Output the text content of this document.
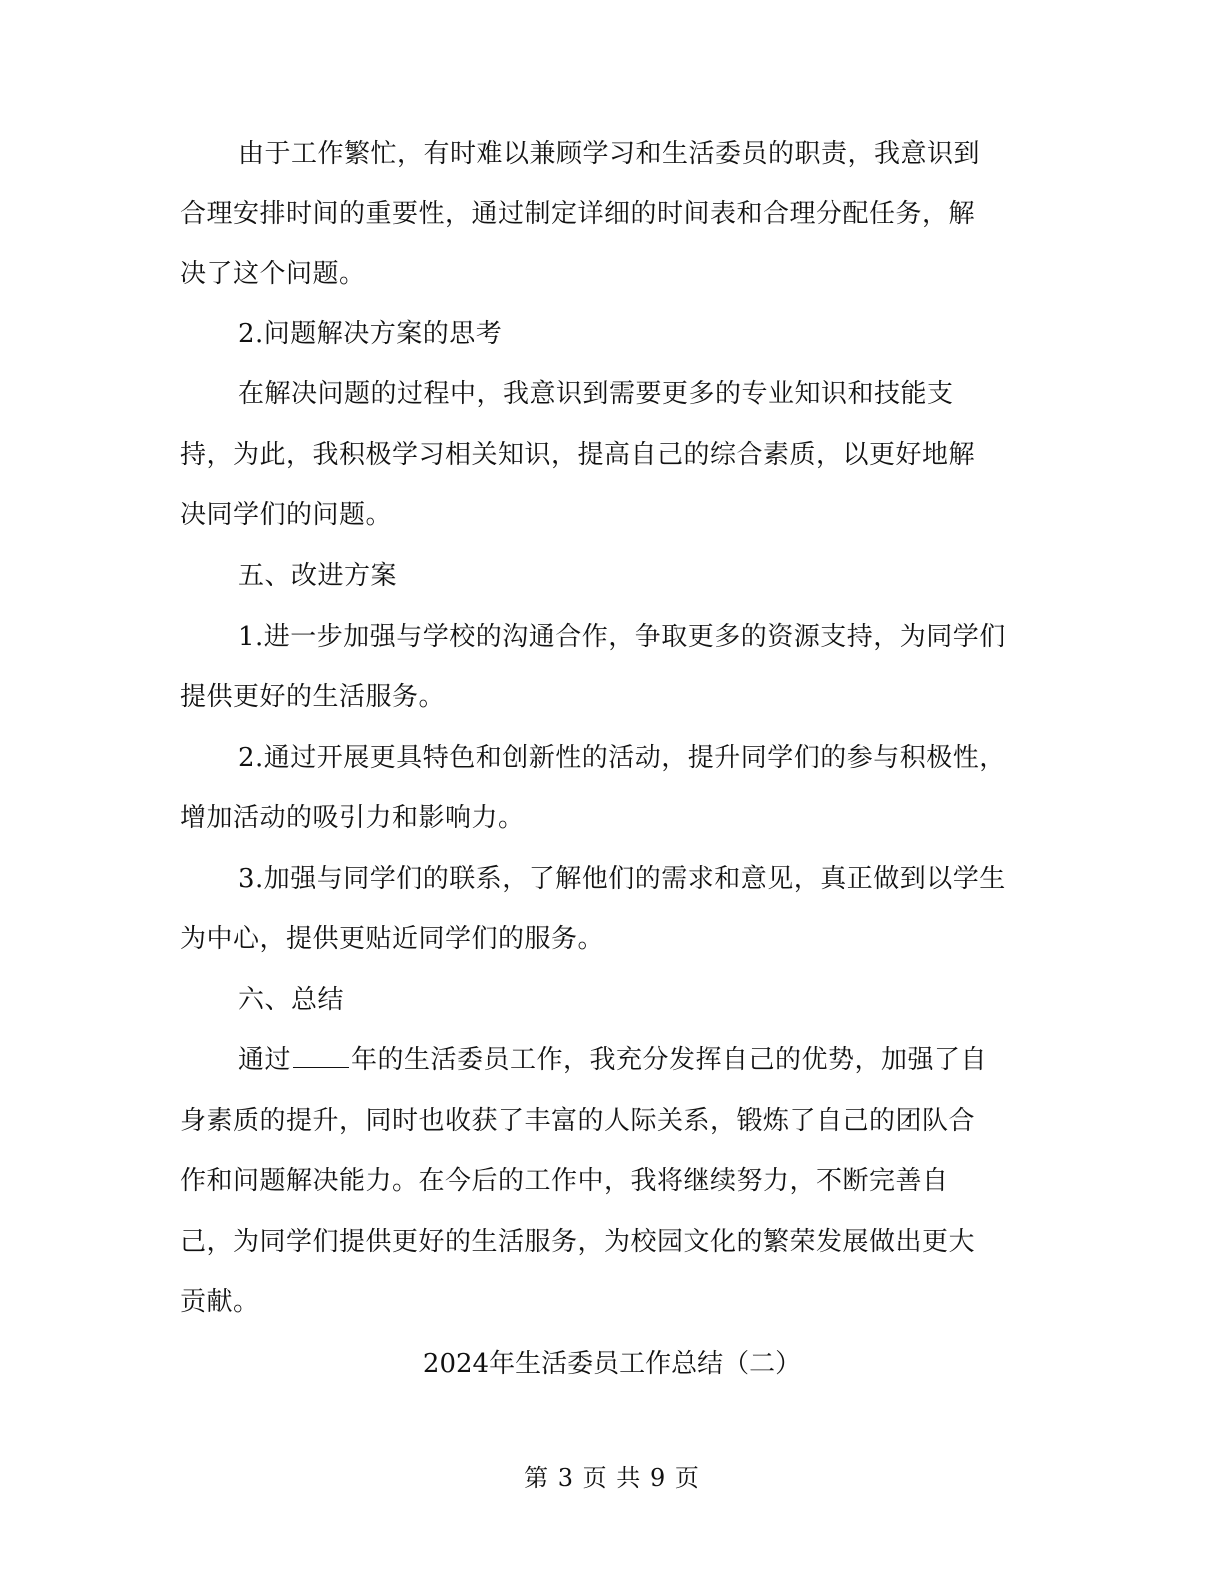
由于工作繁忙，有时难以兼顾学习和生活委员的职责，我意识到
合理安排时间的重要性，通过制定详细的时间表和合理分配任务，解
决了这个问题。
2.问题解决方案的思考
在解决问题的过程中，我意识到需要更多的专业知识和技能支
持，为此，我积极学习相关知识，提高自己的综合素质，以更好地解
决同学们的问题。
五、改进方案
1.进一步加强与学校的沟通合作，争取更多的资源支持，为同学们
提供更好的生活服务。
2.通过开展更具特色和创新性的活动，提升同学们的参与积极性，
增加活动的吸引力和影响力。
3.加强与同学们的联系，了解他们的需求和意见，真正做到以学生
为中心，提供更贴近同学们的服务。
六、总结
通过 年的生活委员工作，我充分发挥自己的优势，加强了自
身素质的提升，同时也收获了丰富的人际关系，锻炼了自己的团队合
作和问题解决能力。在今后的工作中，我将继续努力，不断完善自
己，为同学们提供更好的生活服务，为校园文化的繁荣发展做出更大
贡献。
2024年生活委员工作总结（二）
第 3 页 共 9 页
